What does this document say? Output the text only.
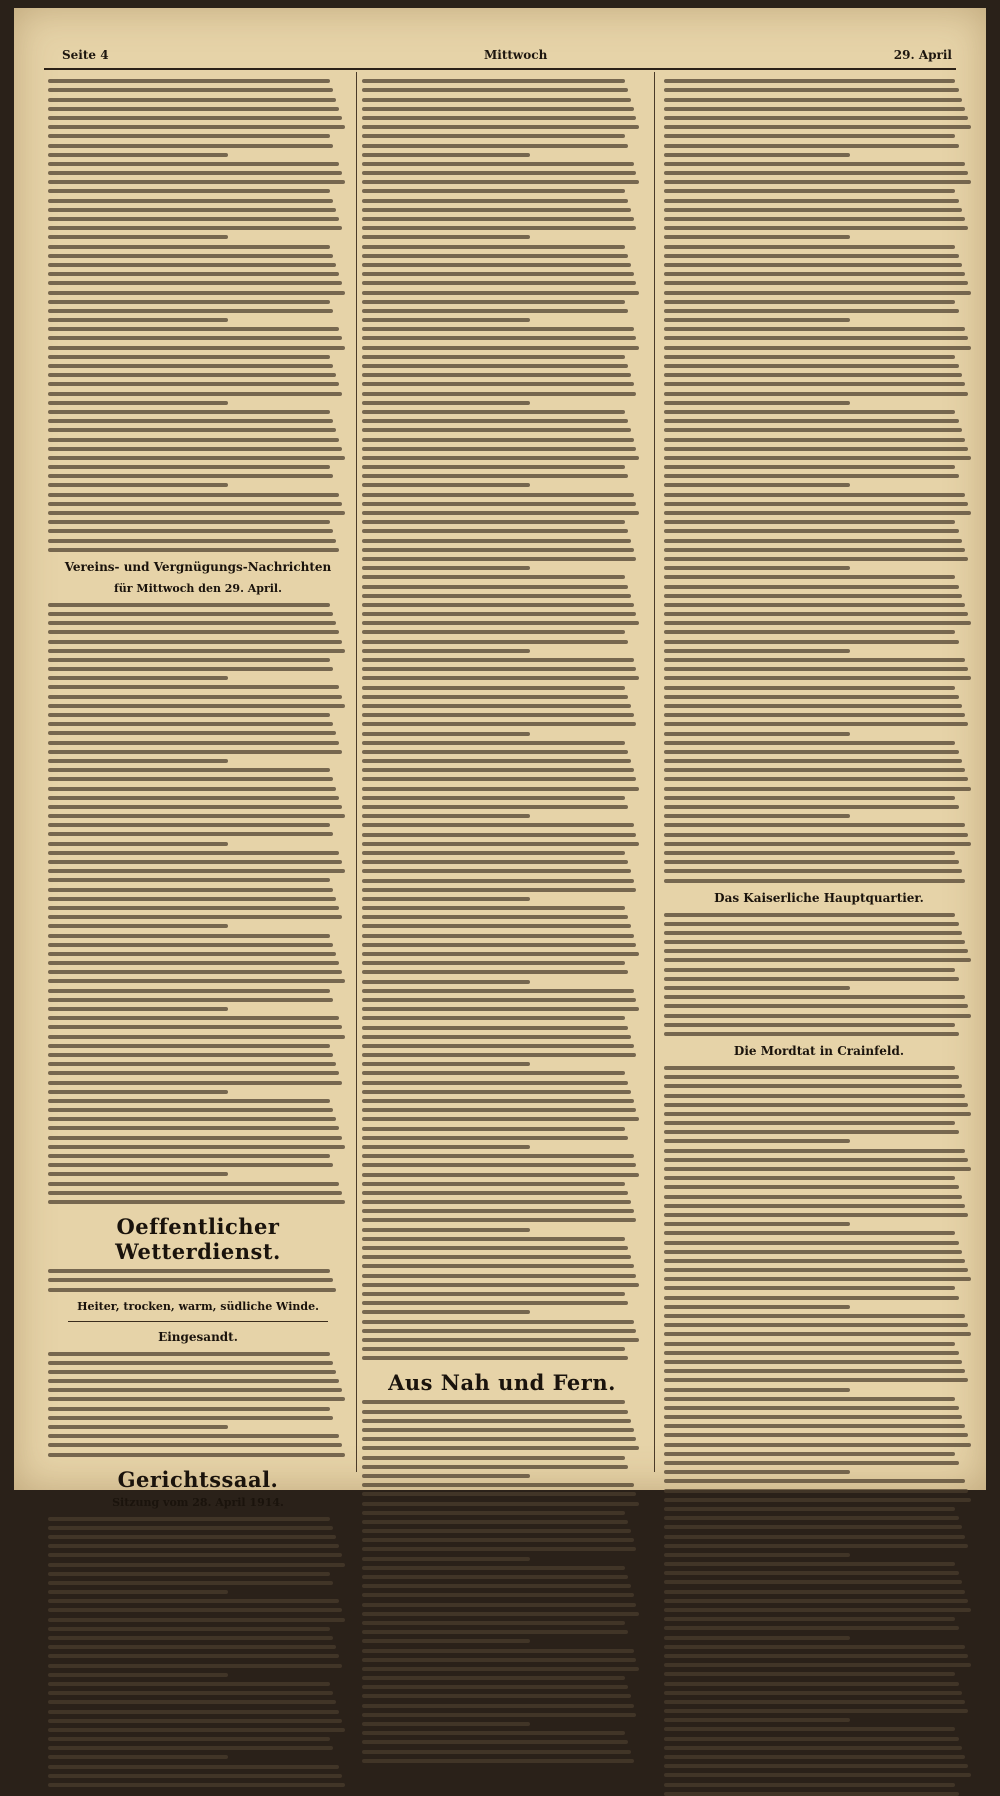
Seite 4	Mittwoch	29. April
Vereins- und Vergnügungs-Nachrichten
für Mittwoch den 29. April.
Oeffentlicher Wetterdienst.
Heiter, trocken, warm, südliche Winde.
Eingesandt.
Gerichtssaal.
Sitzung vom 28. April 1914.
Aus Nah und Fern.
Das Kaiserliche Hauptquartier.
Die Mordtat in Crainfeld.
